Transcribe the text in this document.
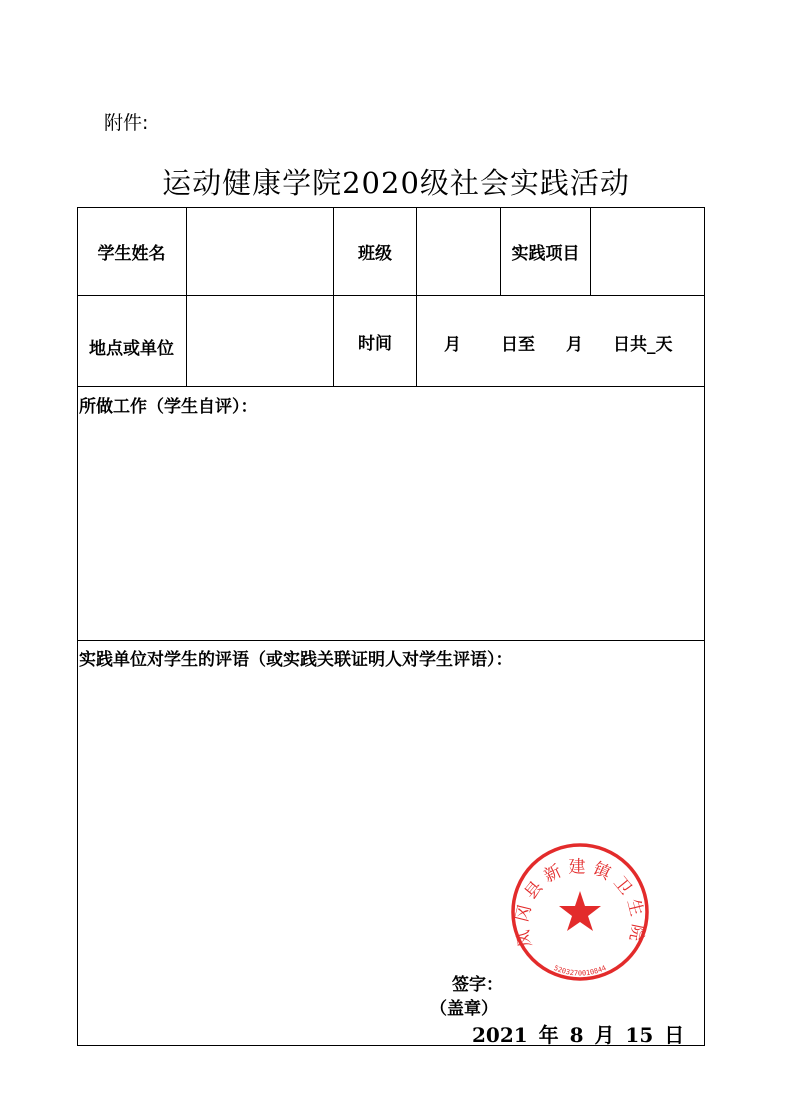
附件:
运动健康学院2020级社会实践活动
学生姓名	班级	实践项目
地点或单位	时间	月 日至 月 日共_天
所做工作（学生自评）：
实践单位对学生的评语（或实践关联证明人对学生评语）：
凤冈县新建镇卫生院
5203270010844
签字：
（盖章）
2021 年 8 月 15 日
